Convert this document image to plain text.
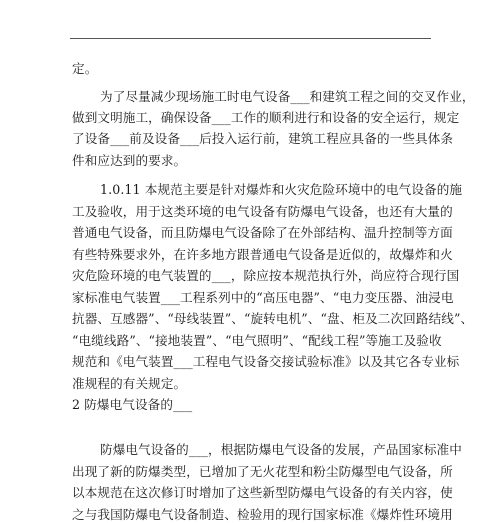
定。
为了尽量减少现场施工时电气设备___和建筑工程之间的交叉作业，
做到文明施工，确保设备___工作的顺利进行和设备的安全运行，规定
了设备___前及设备___后投入运行前，建筑工程应具备的一些具体条
件和应达到的要求。
1.0.11 本规范主要是针对爆炸和火灾危险环境中的电气设备的施
工及验收，用于这类环境的电气设备有防爆电气设备，也还有大量的
普通电气设备，而且防爆电气设备除了在外部结构、温升控制等方面
有些特殊要求外，在许多地方跟普通电气设备是近似的，故爆炸和火
灾危险环境的电气装置的___，除应按本规范执行外，尚应符合现行国
家标准电气装置___工程系列中的“高压电器”、“电力变压器、油浸电
抗器、互感器”、“母线装置”、“旋转电机”、“盘、柜及二次回路结线”、
“电缆线路”、“接地装置”、“电气照明”、“配线工程”等施工及验收
规范和《电气装置___工程电气设备交接试验标准》以及其它各专业标
准规程的有关规定。
2 防爆电气设备的___
防爆电气设备的___，根据防爆电气设备的发展，产品国家标准中
出现了新的防爆类型，已增加了无火花型和粉尘防爆型电气设备，所
以本规范在这次修订时增加了这些新型防爆电气设备的有关内容，使
之与我国防爆电气设备制造、检验用的现行国家标准《爆炸性环境用
